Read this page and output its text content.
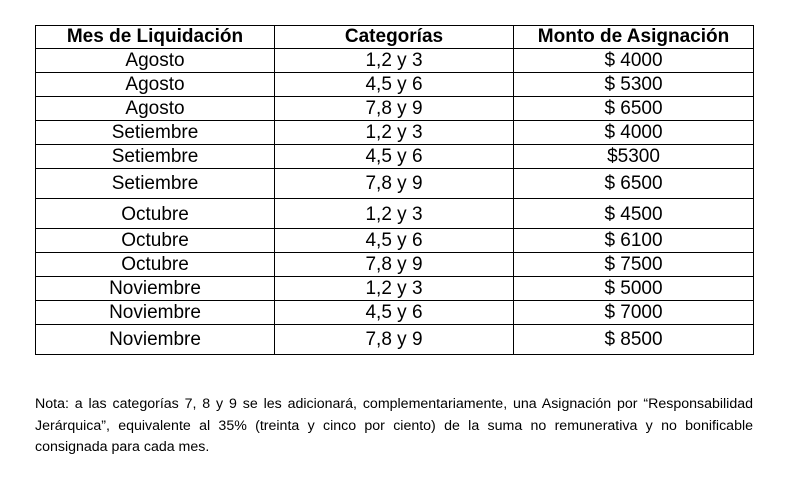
Mes de Liquidación	Categorías	Monto de Asignación
Agosto	1,2 y 3	$ 4000
Agosto	4,5 y 6	$ 5300
Agosto	7,8 y 9	$ 6500
Setiembre	1,2 y 3	$ 4000
Setiembre	4,5 y 6	$5300
Setiembre	7,8 y 9	$ 6500
Octubre	1,2 y 3	$ 4500
Octubre	4,5 y 6	$ 6100
Octubre	7,8 y 9	$ 7500
Noviembre	1,2 y 3	$ 5000
Noviembre	4,5 y 6	$ 7000
Noviembre	7,8 y 9	$ 8500

Nota: a las categorías 7, 8 y 9 se les adicionará, complementariamente, una Asignación por “Responsabilidad Jerárquica”, equivalente al 35% (treinta y cinco por ciento) de la suma no remunerativa y no bonificable consignada para cada mes.
